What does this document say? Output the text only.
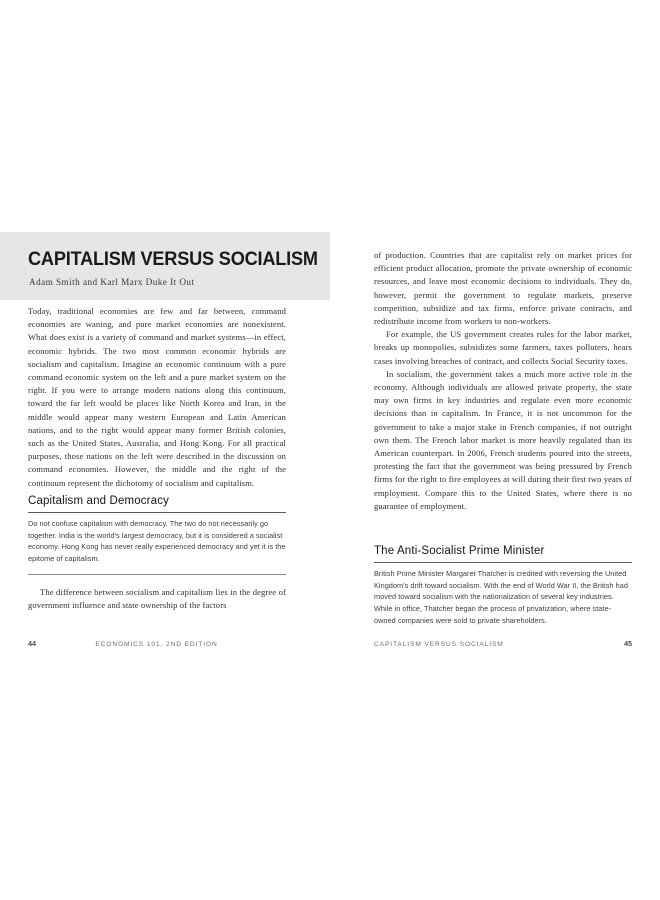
CAPITALISM VERSUS SOCIALISM
Adam Smith and Karl Marx Duke It Out

Today, traditional economies are few and far between, command economies are waning, and pure market economies are nonexistent. What does exist is a variety of command and market systems—in effect, economic hybrids. The two most common economic hybrids are socialism and capitalism. Imagine an economic continuum with a pure command economic system on the left and a pure market system on the right. If you were to arrange modern nations along this continuum, toward the far left would be places like North Korea and Iran, in the middle would appear many western European and Latin American nations, and to the right would appear many former British colonies, such as the United States, Australia, and Hong Kong. For all practical purposes, those nations on the left were described in the discussion on command economies. However, the middle and the right of the continuum represent the dichotomy of socialism and capitalism.

Capitalism and Democracy

Do not confuse capitalism with democracy. The two do not necessarily go together. India is the world's largest democracy, but it is considered a socialist economy. Hong Kong has never really experienced democracy and yet it is the epitome of capitalism.

The difference between socialism and capitalism lies in the degree of government influence and state ownership of the factors

of production. Countries that are capitalist rely on market prices for efficient product allocation, promote the private ownership of economic resources, and leave most economic decisions to individuals. They do, however, permit the government to regulate markets, preserve competition, subsidize and tax firms, enforce private contracts, and redistribute income from workers to non-workers.

For example, the US government creates rules for the labor market, breaks up monopolies, subsidizes some farmers, taxes polluters, hears cases involving breaches of contract, and collects Social Security taxes.

In socialism, the government takes a much more active role in the economy. Although individuals are allowed private property, the state may own firms in key industries and regulate even more economic decisions than in capitalism. In France, it is not uncommon for the government to take a major stake in French companies, if not outright own them. The French labor market is more heavily regulated than its American counterpart. In 2006, French students poured into the streets, protesting the fact that the government was being pressured by French firms for the right to fire employees at will during their first two years of employment. Compare this to the United States, where there is no guarantee of employment.

The Anti-Socialist Prime Minister

British Prime Minister Margaret Thatcher is credited with reversing the United Kingdom's drift toward socialism. With the end of World War II, the British had moved toward socialism with the nationalization of several key industries. While in office, Thatcher began the process of privatization, where state-owned companies were sold to private shareholders.

44	ECONOMICS 101, 2ND EDITION	CAPITALISM VERSUS SOCIALISM	45
